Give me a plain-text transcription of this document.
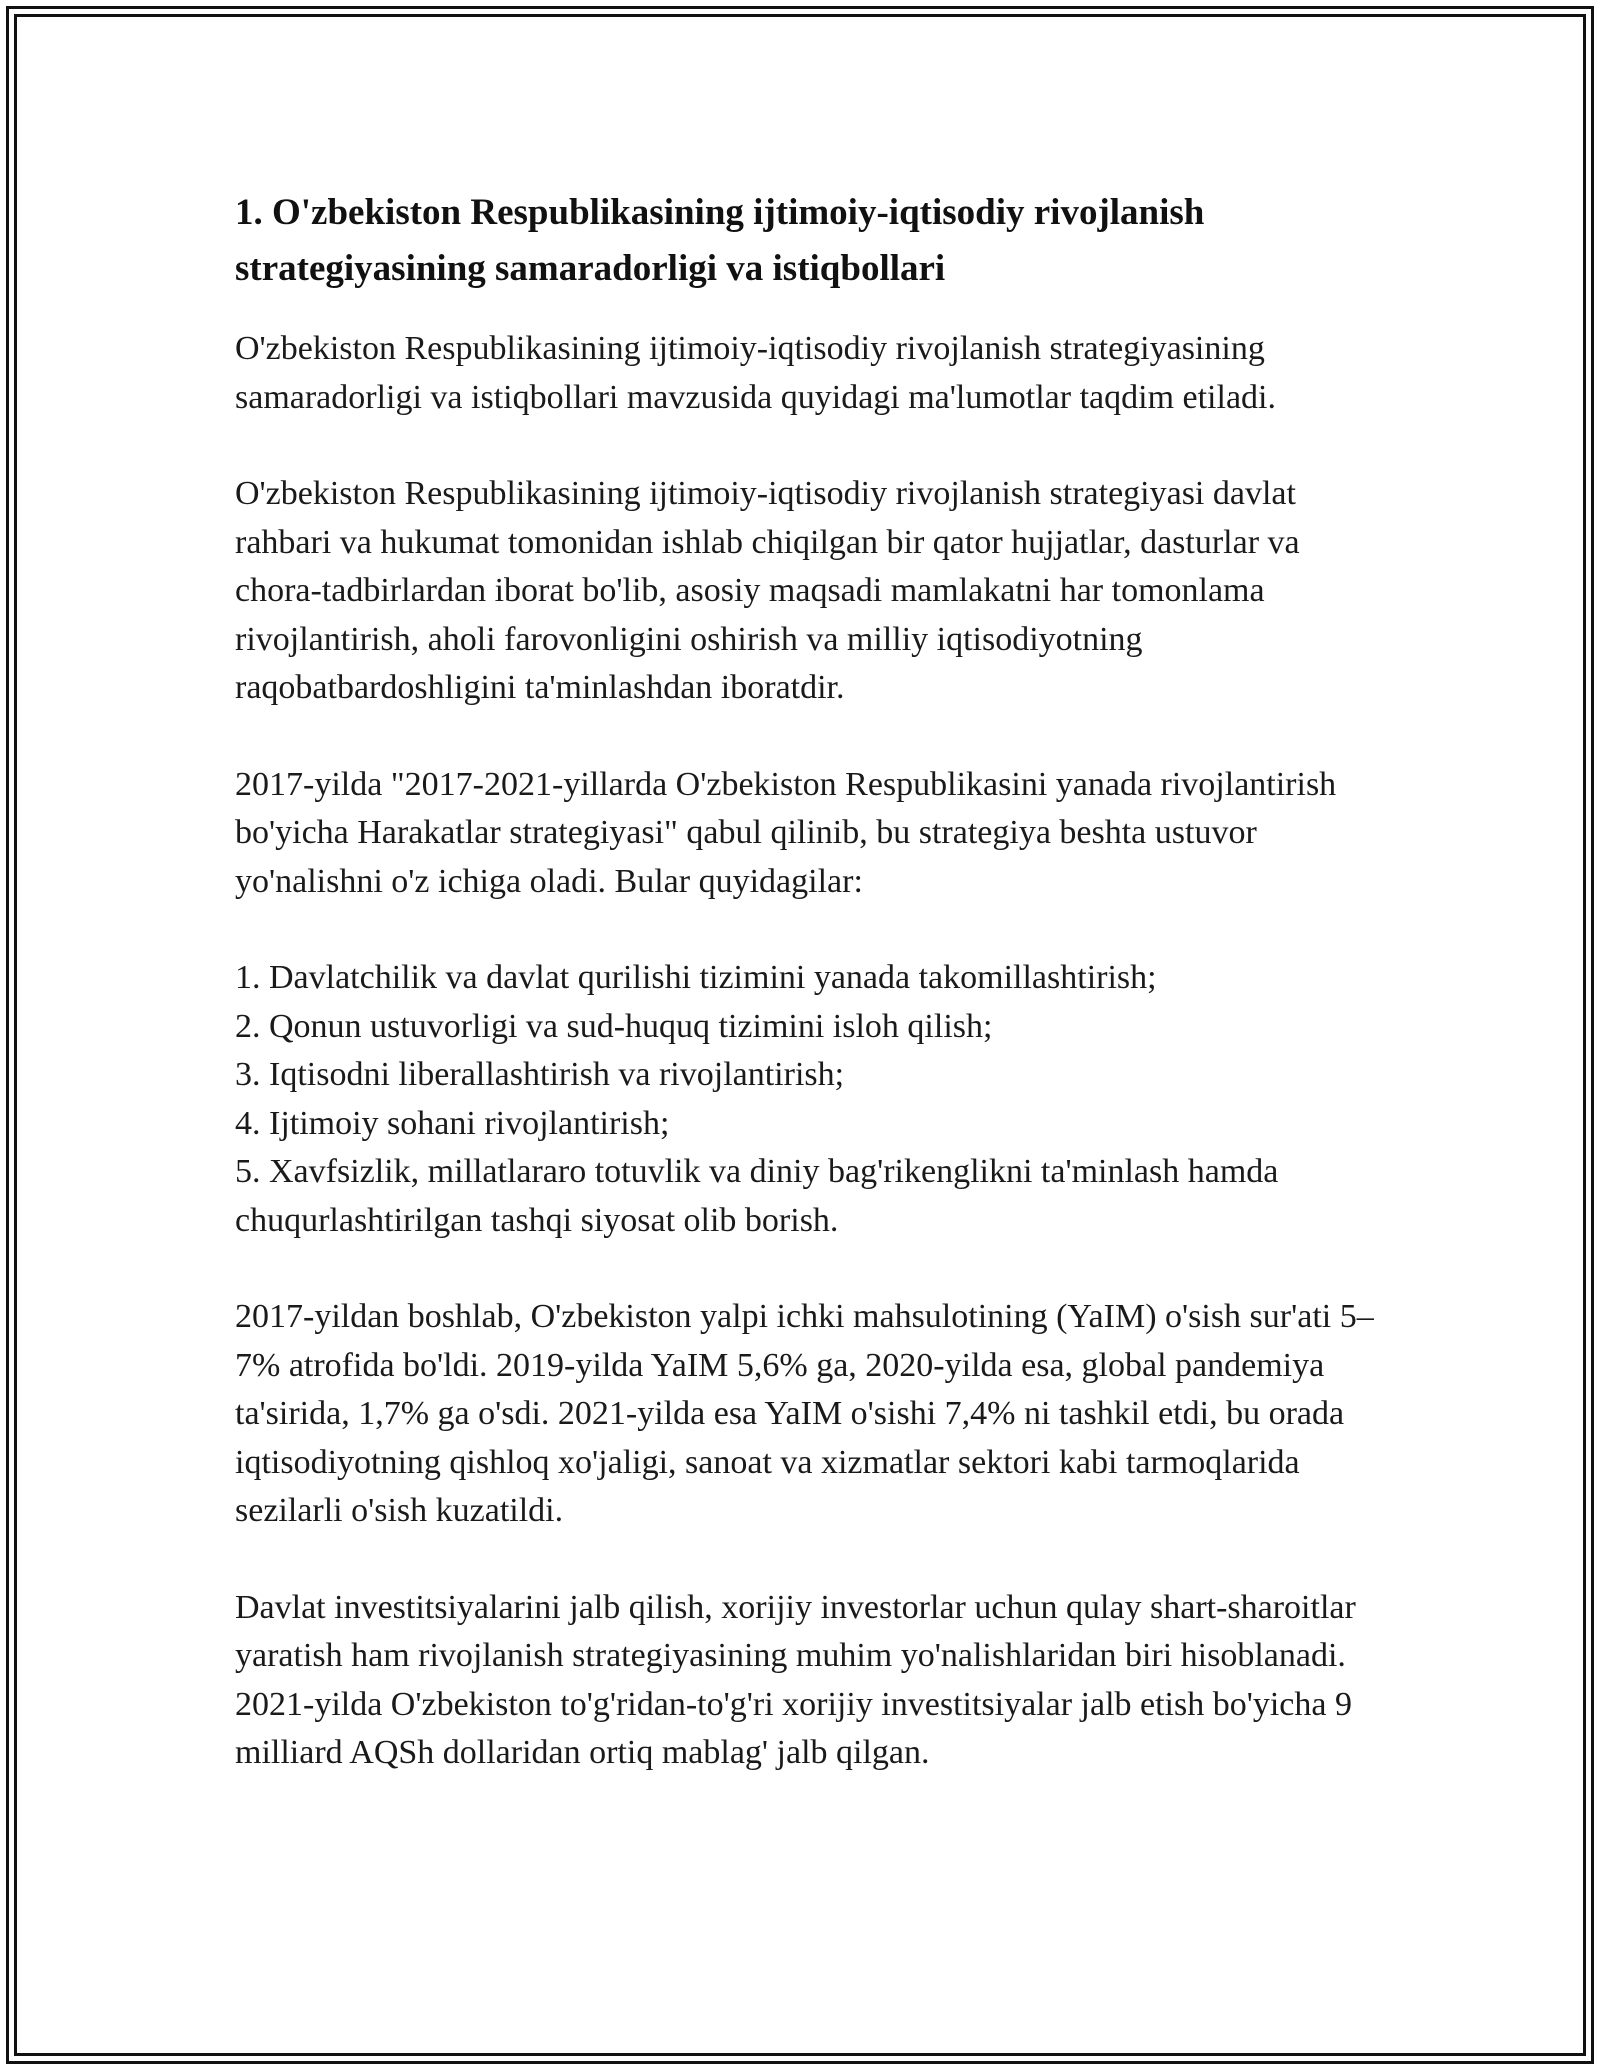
1. O'zbekiston Respublikasining ijtimoiy-iqtisodiy rivojlanish strategiyasining samaradorligi va istiqbollari

O'zbekiston Respublikasining ijtimoiy-iqtisodiy rivojlanish strategiyasining samaradorligi va istiqbollari mavzusida quyidagi ma'lumotlar taqdim etiladi.

O'zbekiston Respublikasining ijtimoiy-iqtisodiy rivojlanish strategiyasi davlat rahbari va hukumat tomonidan ishlab chiqilgan bir qator hujjatlar, dasturlar va chora-tadbirlardan iborat bo'lib, asosiy maqsadi mamlakatni har tomonlama rivojlantirish, aholi farovonligini oshirish va milliy iqtisodiyotning raqobatbardoshligini ta'minlashdan iboratdir.

2017-yilda "2017-2021-yillarda O'zbekiston Respublikasini yanada rivojlantirish bo'yicha Harakatlar strategiyasi" qabul qilinib, bu strategiya beshta ustuvor yo'nalishni o'z ichiga oladi. Bular quyidagilar:

1. Davlatchilik va davlat qurilishi tizimini yanada takomillashtirish;
2. Qonun ustuvorligi va sud-huquq tizimini isloh qilish;
3. Iqtisodni liberallashtirish va rivojlantirish;
4. Ijtimoiy sohani rivojlantirish;
5. Xavfsizlik, millatlararo totuvlik va diniy bag'rikenglikni ta'minlash hamda chuqurlashtirilgan tashqi siyosat olib borish.

2017-yildan boshlab, O'zbekiston yalpi ichki mahsulotining (YaIM) o'sish sur'ati 5–7% atrofida bo'ldi. 2019-yilda YaIM 5,6% ga, 2020-yilda esa, global pandemiya ta'sirida, 1,7% ga o'sdi. 2021-yilda esa YaIM o'sishi 7,4% ni tashkil etdi, bu orada iqtisodiyotning qishloq xo'jaligi, sanoat va xizmatlar sektori kabi tarmoqlarida sezilarli o'sish kuzatildi.

Davlat investitsiyalarini jalb qilish, xorijiy investorlar uchun qulay shart-sharoitlar yaratish ham rivojlanish strategiyasining muhim yo'nalishlaridan biri hisoblanadi. 2021-yilda O'zbekiston to'g'ridan-to'g'ri xorijiy investitsiyalar jalb etish bo'yicha 9 milliard AQSh dollaridan ortiq mablag' jalb qilgan.
